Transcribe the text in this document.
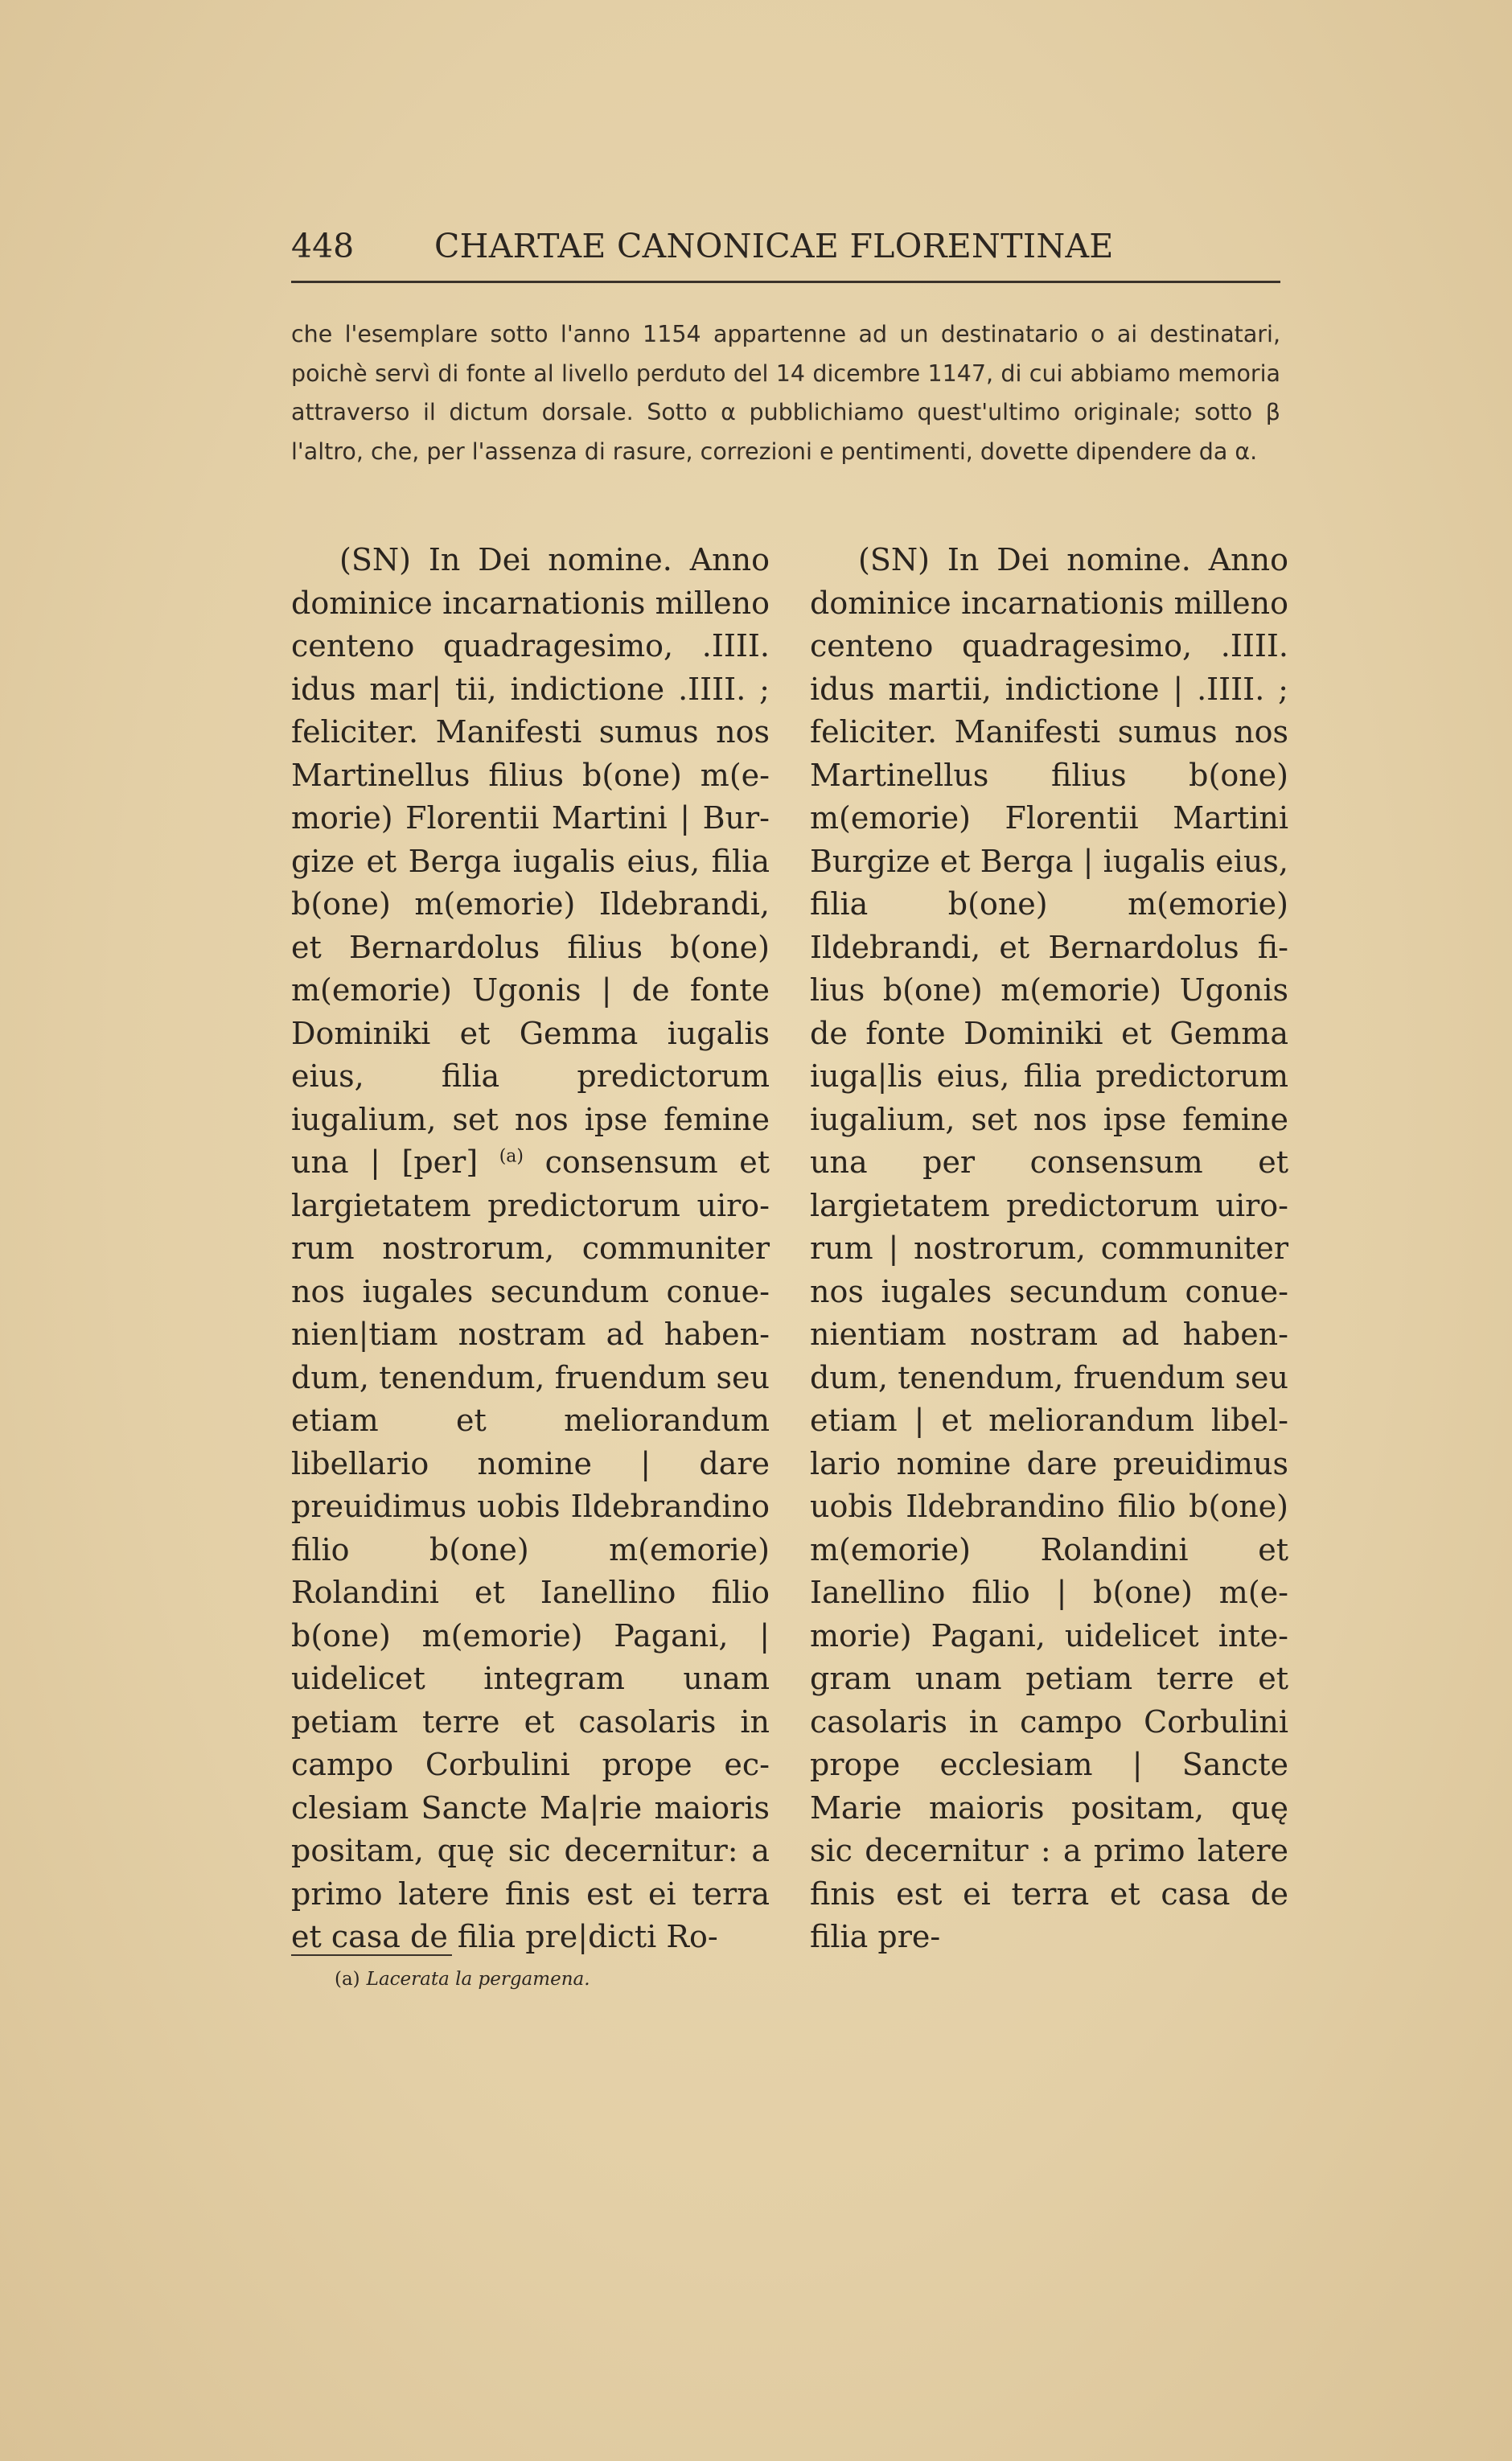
448 CHARTAE CANONICAE FLORENTINAE
che l'esemplare sotto l'anno 1154 appartenne ad un destinatario o ai destinatari, poichè servì di fonte al livello perduto del 14 dicembre 1147, di cui abbiamo memoria attraverso il dictum dorsale. Sotto α pubblichiamo quest'ultimo originale; sotto β l'altro, che, per l'assenza di rasure, correzioni e pentimenti, dovette dipendere da α.

(SN) In Dei nomine. Anno dominice incarnationis milleno centeno quadragesimo, .IIII. idus mar| tii, indictione .IIII. ; feliciter. Manifesti sumus nos Martinellus filius b(one) m(emorie) Florentii Martini | Burgize et Berga iugalis eius, filia b(one) m(emorie) Ildebrandi, et Bernardolus filius b(one) m(emorie) Ugonis | de fonte Dominiki et Gemma iugalis eius, filia predictorum iugalium, set nos ipse femine una | [per] $^{(a)}$ consensum et largietatem predictorum uirorum nostrorum, communiter nos iugales secundum conuenien|tiam nostram ad habendum, tenendum, fruendum seu etiam et meliorandum libellario nomine | dare preuidimus uobis Ildebrandino filio b(one) m(emorie) Rolandini et Ianellino filio b(one) m(emorie) Pagani, | uidelicet integram unam petiam terre et casolaris in campo Corbulini prope ecclesiam Sancte Ma|rie maioris positam, quę sic decernitur: a primo latere finis est ei terra et casa de filia pre|dicti Ro-

(SN) In Dei nomine. Anno dominice incarnationis milleno centeno quadragesimo, .IIII. idus martii, indictione | .IIII. ; feliciter. Manifesti sumus nos Martinellus filius b(one) m(emorie) Florentii Martini Burgize et Berga | iugalis eius, filia b(one) m(emorie) Ildebrandi, et Bernardolus filius b(one) m(emorie) Ugonis de fonte Dominiki et Gemma iuga|lis eius, filia predictorum iugalium, set nos ipse femine una per consensum et largietatem predictorum uirorum | nostrorum, communiter nos iugales secundum conuenientiam nostram ad habendum, tenendum, fruendum seu etiam | et meliorandum libellario nomine dare preuidimus uobis Ildebrandino filio b(one) m(emorie) Rolandini et Ianellino filio | b(one) m(emorie) Pagani, uidelicet integram unam petiam terre et casolaris in campo Corbulini prope ecclesiam | Sancte Marie maioris positam, quę sic decernitur : a primo latere finis est ei terra et casa de filia pre-

(a) Lacerata la pergamena.
